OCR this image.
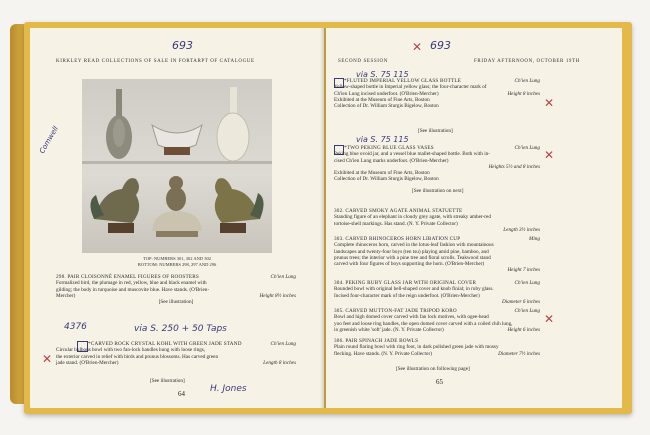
KIRKLEY READ COLLECTIONS OF SALE IN FORTARPT OF CATALOGUE
693
Comwell
TOP: NUMBERS 301, 302 AND 302
BOTTOM: NUMBERS 298, 297 AND 296
298. PAIR CLOISONNÉ ENAMEL FIGURES OF ROOSTERS	Ch'ien Lung
Formalized bird, the plumage in red, yellow, blue and black enamel with
gilding; the body in turquoise and muscovite blue. Have stands. (O'Brien-
Mercher)	Height 8½ inches
[See illustration]
4376	via S. 250 + 50 Taps
*CARVED ROCK CRYSTAL KOHL WITH GREEN JADE STAND	Ch'ien Lung
Circular bulbous bowl with two fan-lock handles hung with loose rings,
the exterior carved in relief with birds and prunus blossoms. Has carved green
jade stand. (O'Brien-Mercher)	Length 8 inches
[See illustration]
64	H. Jones
✕
SECOND SESSION	FRIDAY AFTERNOON, OCTOBER 19TH
693
✕
via S. 75 115
*FLUTED IMPERIAL YELLOW GLASS BOTTLE	Ch'ien Lung
Yellow-shaped bottle in Imperial yellow glass; the four-character mark of
Ch'ien Lung incised underfoot. (O'Brien-Mercher)	Height 8 inches
Exhibited at the Museum of Fine Arts, Boston
Collection of Dr. William Sturgis Bigelow, Boston
[See illustration]
✕
via S. 75 115
*TWO PEKING BLUE GLASS VASES	Ch'ien Lung
Peking blue ovoid jar, and a vessel blue mallet-shaped bottle. Both with in-
cised Ch'ien Lung marks underfoot. (O'Brien-Mercher)
Heights 5½ and 8 inches
Exhibited at the Museum of Fine Arts, Boston
Collection of Dr. William Sturgis Bigelow, Boston
[See illustration on next]
✕
302. CARVED SMOKY AGATE ANIMAL STATUETTE
Standing figure of an elephant in cloudy grey agate, with streaky amber-red
tortoise-shell markings. Has stand. (N. Y. Private Collector)
Length 3½ inches
303. CARVED RHINOCEROS HORN LIBATION CUP	Ming
Complete rhinoceros horn, carved in the lotus-leaf fashion with mountainous
landscapes and twenty-four boys (ten tsu) playing amid pine, bamboo, and
prunus trees; the interior with a pine tree and floral scrolls. Teakwood stand
carved with four figures of boys supporting the horn. (O'Brien-Mercher)
Height 7 inches
304. PEKING RUBY GLASS JAR WITH ORIGINAL COVER	Ch'ien Lung
Rounded bowl with original bell-shaped cover and knob finial; in ruby glass.
Incised four-character mark of the reign underfoot. (O'Brien-Mercher)
Diameter 6 inches
305. CARVED MUTTON-FAT JADE TRIPOD KORO	Ch'ien Lung
Bowl and high domed cover carved with fan lock motives, with ogee-head
yoo feet and loose ring handles, the open domed cover carved with a coiled chih lung,
in greenish white 'soft' jade. (N. Y. Private Collector)	Height 6 inches
✕
306. PAIR SPINACH JADE BOWLS
Plain round flaring bowl with ring foot, in dark polished green jade with mossy
flecking. Have stands. (N. Y. Private Collector)	Diameter 7½ inches
[See illustration on following page]
65
